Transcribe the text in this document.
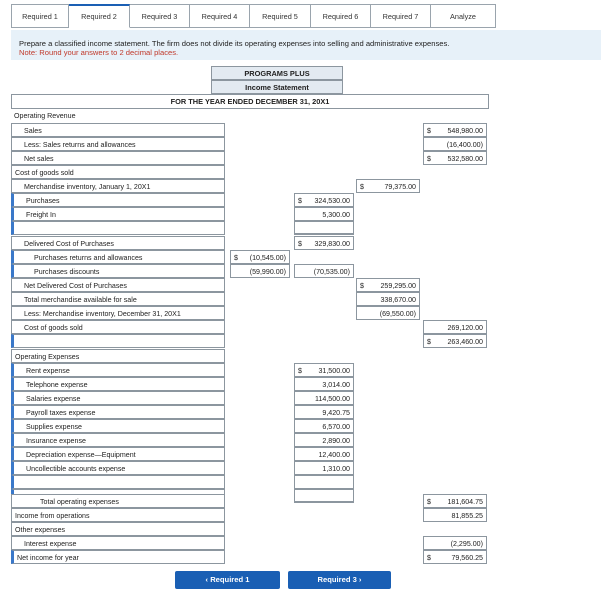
Required 1	Required 2	Required 3	Required 4	Required 5	Required 6	Required 7	Analyze
Prepare a classified income statement. The firm does not divide its operating expenses into selling and administrative expenses.
Note: Round your answers to 2 decimal places.
PROGRAMS PLUS
Income Statement
FOR THE YEAR ENDED DECEMBER 31, 20X1
Operating Revenue
Sales	$ 548,980.00
Less: Sales returns and allowances	(16,400.00)
Net sales	$ 532,580.00
Cost of goods sold
Merchandise inventory, January 1, 20X1	$	79,375.00
Purchases	$ 324,530.00
Freight In	5,300.00
Delivered Cost of Purchases	$ 329,830.00
Purchases returns and allowances	$ (10,545.00)
Purchases discounts	(59,990.00)	(70,535.00)
Net Delivered Cost of Purchases	$ 259,295.00
Total merchandise available for sale	338,670.00
Less: Merchandise inventory, December 31, 20X1	(69,550.00)
Cost of goods sold	269,120.00
$ 263,460.00
Operating Expenses
Rent expense	$ 31,500.00
Telephone expense	3,014.00
Salaries expense	114,500.00
Payroll taxes expense	9,420.75
Supplies expense	6,570.00
Insurance expense	2,890.00
Depreciation expense—Equipment	12,400.00
Uncollectible accounts expense	1,310.00
Total operating expenses	$ 181,604.75
Income from operations	81,855.25
Other expenses
Interest expense	(2,295.00)
Net income for year	$	79,560.25
‹ Required 1	Required 3 ›
